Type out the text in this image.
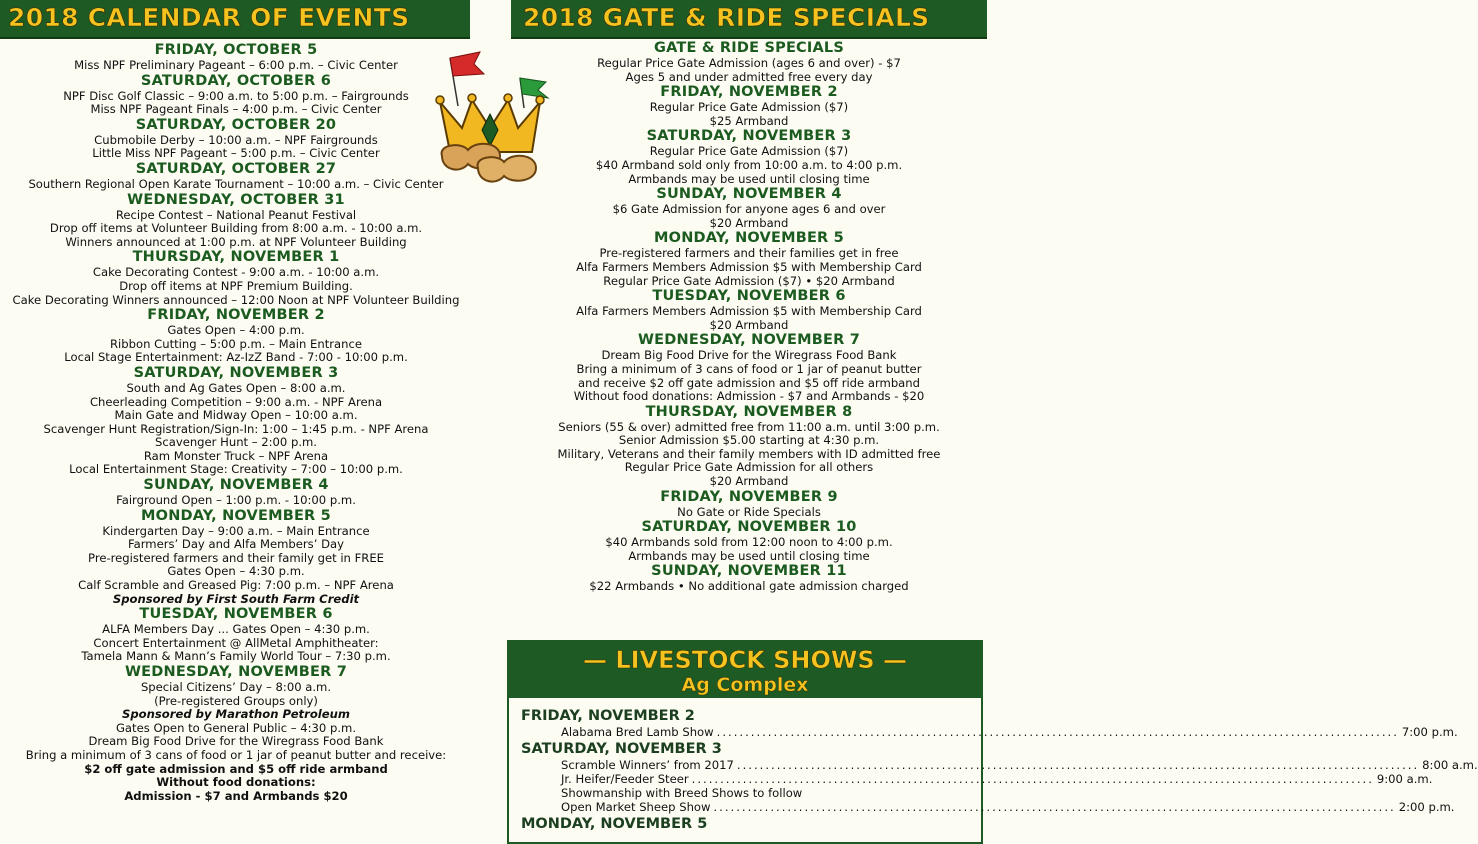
2018 CALENDAR OF EVENTS	2018 GATE & RIDE SPECIALS
FRIDAY, OCTOBER 5
Miss NPF Preliminary Pageant – 6:00 p.m. – Civic Center
SATURDAY, OCTOBER 6
NPF Disc Golf Classic – 9:00 a.m. to 5:00 p.m. – Fairgrounds
Miss NPF Pageant Finals – 4:00 p.m. – Civic Center
SATURDAY, OCTOBER 20
Cubmobile Derby – 10:00 a.m. – NPF Fairgrounds
Little Miss NPF Pageant – 5:00 p.m. – Civic Center
SATURDAY, OCTOBER 27
Southern Regional Open Karate Tournament – 10:00 a.m. – Civic Center
WEDNESDAY, OCTOBER 31
Recipe Contest – National Peanut Festival
Drop off items at Volunteer Building from 8:00 a.m. - 10:00 a.m.
Winners announced at 1:00 p.m. at NPF Volunteer Building
THURSDAY, NOVEMBER 1
Cake Decorating Contest - 9:00 a.m. - 10:00 a.m.
Drop off items at NPF Premium Building.
Cake Decorating Winners announced – 12:00 Noon at NPF Volunteer Building
FRIDAY, NOVEMBER 2
Gates Open – 4:00 p.m.
Ribbon Cutting – 5:00 p.m. – Main Entrance
Local Stage Entertainment: Az-IzZ Band - 7:00 - 10:00 p.m.
SATURDAY, NOVEMBER 3
South and Ag Gates Open – 8:00 a.m.
Cheerleading Competition – 9:00 a.m. - NPF Arena
Main Gate and Midway Open – 10:00 a.m.
Scavenger Hunt Registration/Sign-In: 1:00 – 1:45 p.m. - NPF Arena
Scavenger Hunt – 2:00 p.m.
Ram Monster Truck – NPF Arena
Local Entertainment Stage: Creativity – 7:00 – 10:00 p.m.
SUNDAY, NOVEMBER 4
Fairground Open – 1:00 p.m. - 10:00 p.m.
MONDAY, NOVEMBER 5
Kindergarten Day – 9:00 a.m. – Main Entrance
Farmers’ Day and Alfa Members’ Day
Pre-registered farmers and their family get in FREE
Gates Open – 4:30 p.m.
Calf Scramble and Greased Pig: 7:00 p.m. – NPF Arena
Sponsored by First South Farm Credit
TUESDAY, NOVEMBER 6
ALFA Members Day ... Gates Open – 4:30 p.m.
Concert Entertainment @ AllMetal Amphitheater:
Tamela Mann & Mann’s Family World Tour – 7:30 p.m.
WEDNESDAY, NOVEMBER 7
Special Citizens’ Day – 8:00 a.m.
(Pre-registered Groups only)
Sponsored by Marathon Petroleum
Gates Open to General Public – 4:30 p.m.
Dream Big Food Drive for the Wiregrass Food Bank
Bring a minimum of 3 cans of food or 1 jar of peanut butter and receive:
$2 off gate admission and $5 off ride armband
Without food donations:
Admission - $7 and Armbands $20
GATE & RIDE SPECIALS
Regular Price Gate Admission (ages 6 and over) - $7
Ages 5 and under admitted free every day
FRIDAY, NOVEMBER 2
Regular Price Gate Admission ($7)
$25 Armband
SATURDAY, NOVEMBER 3
Regular Price Gate Admission ($7)
$40 Armband sold only from 10:00 a.m. to 4:00 p.m.
Armbands may be used until closing time
SUNDAY, NOVEMBER 4
$6 Gate Admission for anyone ages 6 and over
$20 Armband
MONDAY, NOVEMBER 5
Pre-registered farmers and their families get in free
Alfa Farmers Members Admission $5 with Membership Card
Regular Price Gate Admission ($7) • $20 Armband
TUESDAY, NOVEMBER 6
Alfa Farmers Members Admission $5 with Membership Card
$20 Armband
WEDNESDAY, NOVEMBER 7
Dream Big Food Drive for the Wiregrass Food Bank
Bring a minimum of 3 cans of food or 1 jar of peanut butter
and receive $2 off gate admission and $5 off ride armband
Without food donations: Admission - $7 and Armbands - $20
THURSDAY, NOVEMBER 8
Seniors (55 & over) admitted free from 11:00 a.m. until 3:00 p.m.
Senior Admission $5.00 starting at 4:30 p.m.
Military, Veterans and their family members with ID admitted free
Regular Price Gate Admission for all others
$20 Armband
FRIDAY, NOVEMBER 9
No Gate or Ride Specials
SATURDAY, NOVEMBER 10
$40 Armbands sold from 12:00 noon to 4:00 p.m.
Armbands may be used until closing time
SUNDAY, NOVEMBER 11
$22 Armbands • No additional gate admission charged
— LIVESTOCK SHOWS —
Ag Complex
FRIDAY, NOVEMBER 2
Alabama Bred Lamb Show ........................................................................................................................ 7:00 p.m.
SATURDAY, NOVEMBER 3
Scramble Winners’ from 2017 ........................................................................................................................ 8:00 a.m.
Jr. Heifer/Feeder Steer ........................................................................................................................ 9:00 a.m.
Showmanship with Breed Shows to follow
Open Market Sheep Show ........................................................................................................................ 2:00 p.m.
MONDAY, NOVEMBER 5
